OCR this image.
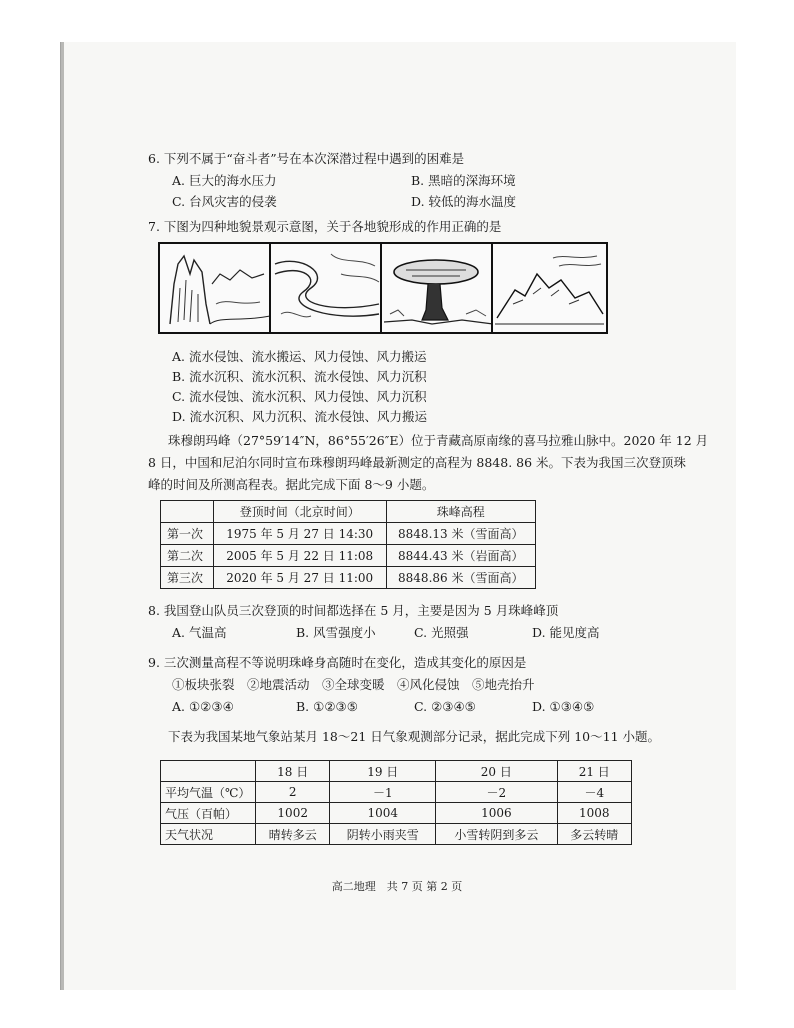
6. 下列不属于“奋斗者”号在本次深潜过程中遇到的困难是
A. 巨大的海水压力	B. 黑暗的深海环境
C. 台风灾害的侵袭	D. 较低的海水温度
7. 下图为四种地貌景观示意图，关于各地貌形成的作用正确的是
A. 流水侵蚀、流水搬运、风力侵蚀、风力搬运
B. 流水沉积、流水沉积、流水侵蚀、风力沉积
C. 流水侵蚀、流水沉积、风力侵蚀、风力沉积
D. 流水沉积、风力沉积、流水侵蚀、风力搬运
珠穆朗玛峰（27°59′14″N，86°55′26″E）位于青藏高原南缘的喜马拉雅山脉中。2020 年 12 月
8 日，中国和尼泊尔同时宣布珠穆朗玛峰最新测定的高程为 8848. 86 米。下表为我国三次登顶珠
峰的时间及所测高程表。据此完成下面 8～9 小题。
	登顶时间（北京时间）	珠峰高程
第一次	1975 年 5 月 27 日 14:30	8848.13 米（雪面高）
第二次	2005 年 5 月 22 日 11:08	8844.43 米（岩面高）
第三次	2020 年 5 月 27 日 11:00	8848.86 米（雪面高）
8. 我国登山队员三次登顶的时间都选择在 5 月，主要是因为 5 月珠峰峰顶
A. 气温高	B. 风雪强度小	C. 光照强	D. 能见度高
9. 三次测量高程不等说明珠峰身高随时在变化，造成其变化的原因是
①板块张裂　②地震活动　③全球变暖　④风化侵蚀　⑤地壳抬升
A. ①②③④	B. ①②③⑤	C. ②③④⑤	D. ①③④⑤
下表为我国某地气象站某月 18～21 日气象观测部分记录，据此完成下列 10～11 小题。
	18 日	19 日	20 日	21 日
平均气温（℃）	2	－1	－2	－4
气压（百帕）	1002	1004	1006	1008
天气状况	晴转多云	阴转小雨夹雪	小雪转阴到多云	多云转晴
高二地理　共 7 页 第 2 页
